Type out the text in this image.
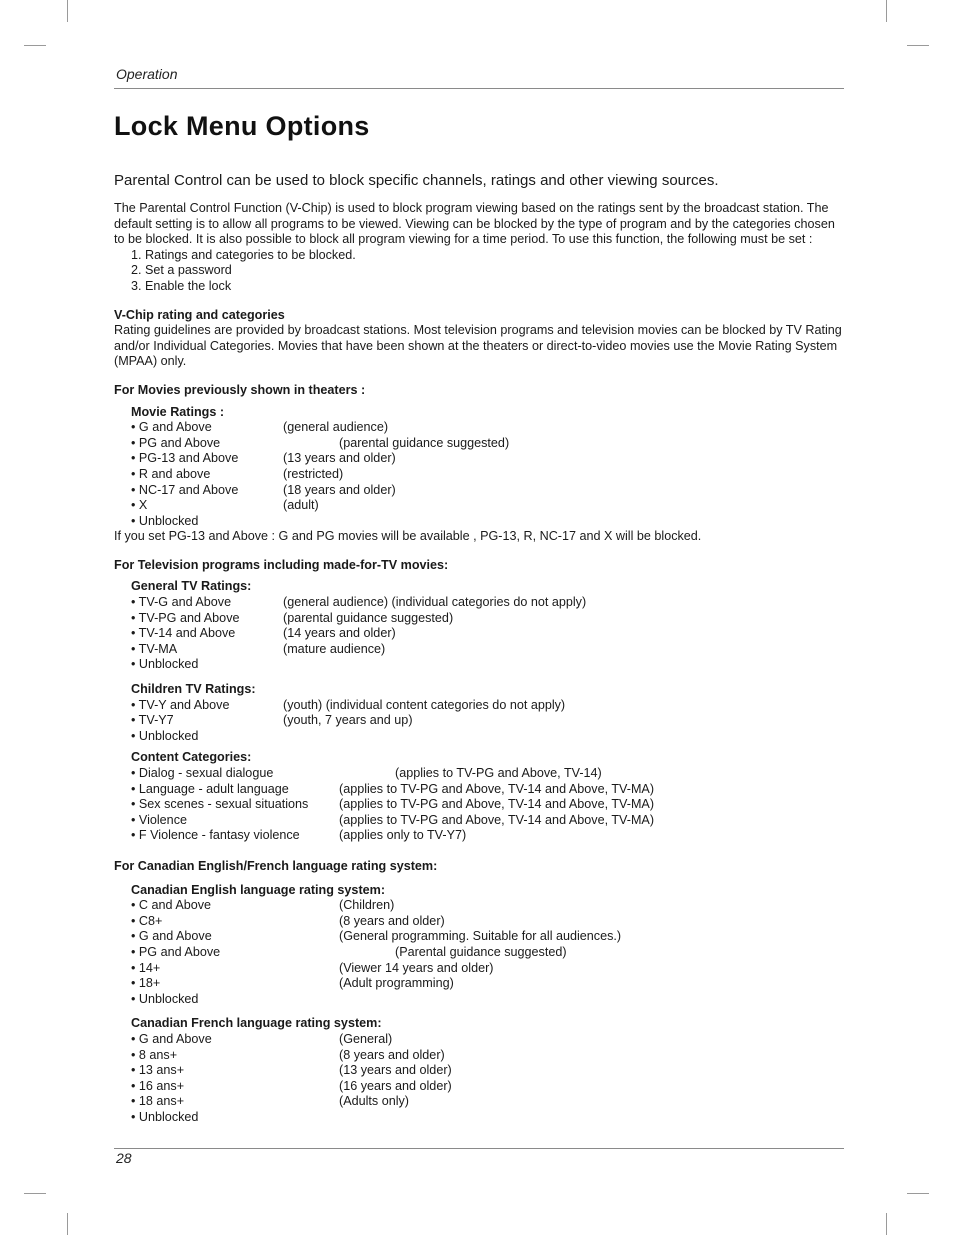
Operation
Lock Menu Options
Parental Control can be used to block specific channels, ratings and other viewing sources.

The Parental Control Function (V-Chip) is used to block program viewing based on the ratings sent by the broadcast station. The default setting is to allow all programs to be viewed. Viewing can be blocked by the type of program and by the categories chosen to be blocked. It is also possible to block all program viewing for a time period. To use this function, the following must be set :

1. Ratings and categories to be blocked.
2. Set a password
3. Enable the lock
V-Chip rating and categories

Rating guidelines are provided by broadcast stations. Most television programs and television movies can be blocked by TV Rating and/or Individual Categories. Movies that have been shown at the theaters or direct-to-video movies use the Movie Rating System (MPAA) only.

For Movies previously shown in theaters :
Movie Ratings :
• G and Above	(general audience)
• PG and Above	(parental guidance suggested)
• PG-13 and Above	(13 years and older)
• R and above	(restricted)
• NC-17 and Above	(18 years and older)
• X	(adult)
• Unblocked

If you set PG-13 and Above : G and PG movies will be available , PG-13, R, NC-17 and X will be blocked.

For Television programs including made-for-TV movies:
General TV Ratings:
• TV-G and Above	(general audience) (individual categories do not apply)
• TV-PG and Above	(parental guidance suggested)
• TV-14 and Above	(14 years and older)
• TV-MA	(mature audience)
• Unblocked
Children TV Ratings:
• TV-Y and Above	(youth) (individual content categories do not apply)
• TV-Y7	(youth, 7 years and up)
• Unblocked
Content Categories:
• Dialog - sexual dialogue	(applies to TV-PG and Above, TV-14)
• Language - adult language	(applies to TV-PG and Above, TV-14 and Above, TV-MA)
• Sex scenes - sexual situations	(applies to TV-PG and Above, TV-14 and Above, TV-MA)
• Violence	(applies to TV-PG and Above, TV-14 and Above, TV-MA)
• F Violence - fantasy violence	(applies only to TV-Y7)
For Canadian English/French language rating system:
Canadian English language rating system:
• C and Above	(Children)
• C8+	(8 years and older)
• G and Above	(General programming. Suitable for all audiences.)
• PG and Above	(Parental guidance suggested)
• 14+	(Viewer 14 years and older)
• 18+	(Adult programming)
• Unblocked
Canadian French language rating system:
• G and Above	(General)
• 8 ans+	(8 years and older)
• 13 ans+	(13 years and older)
• 16 ans+	(16 years and older)
• 18 ans+	(Adults only)
• Unblocked
28
